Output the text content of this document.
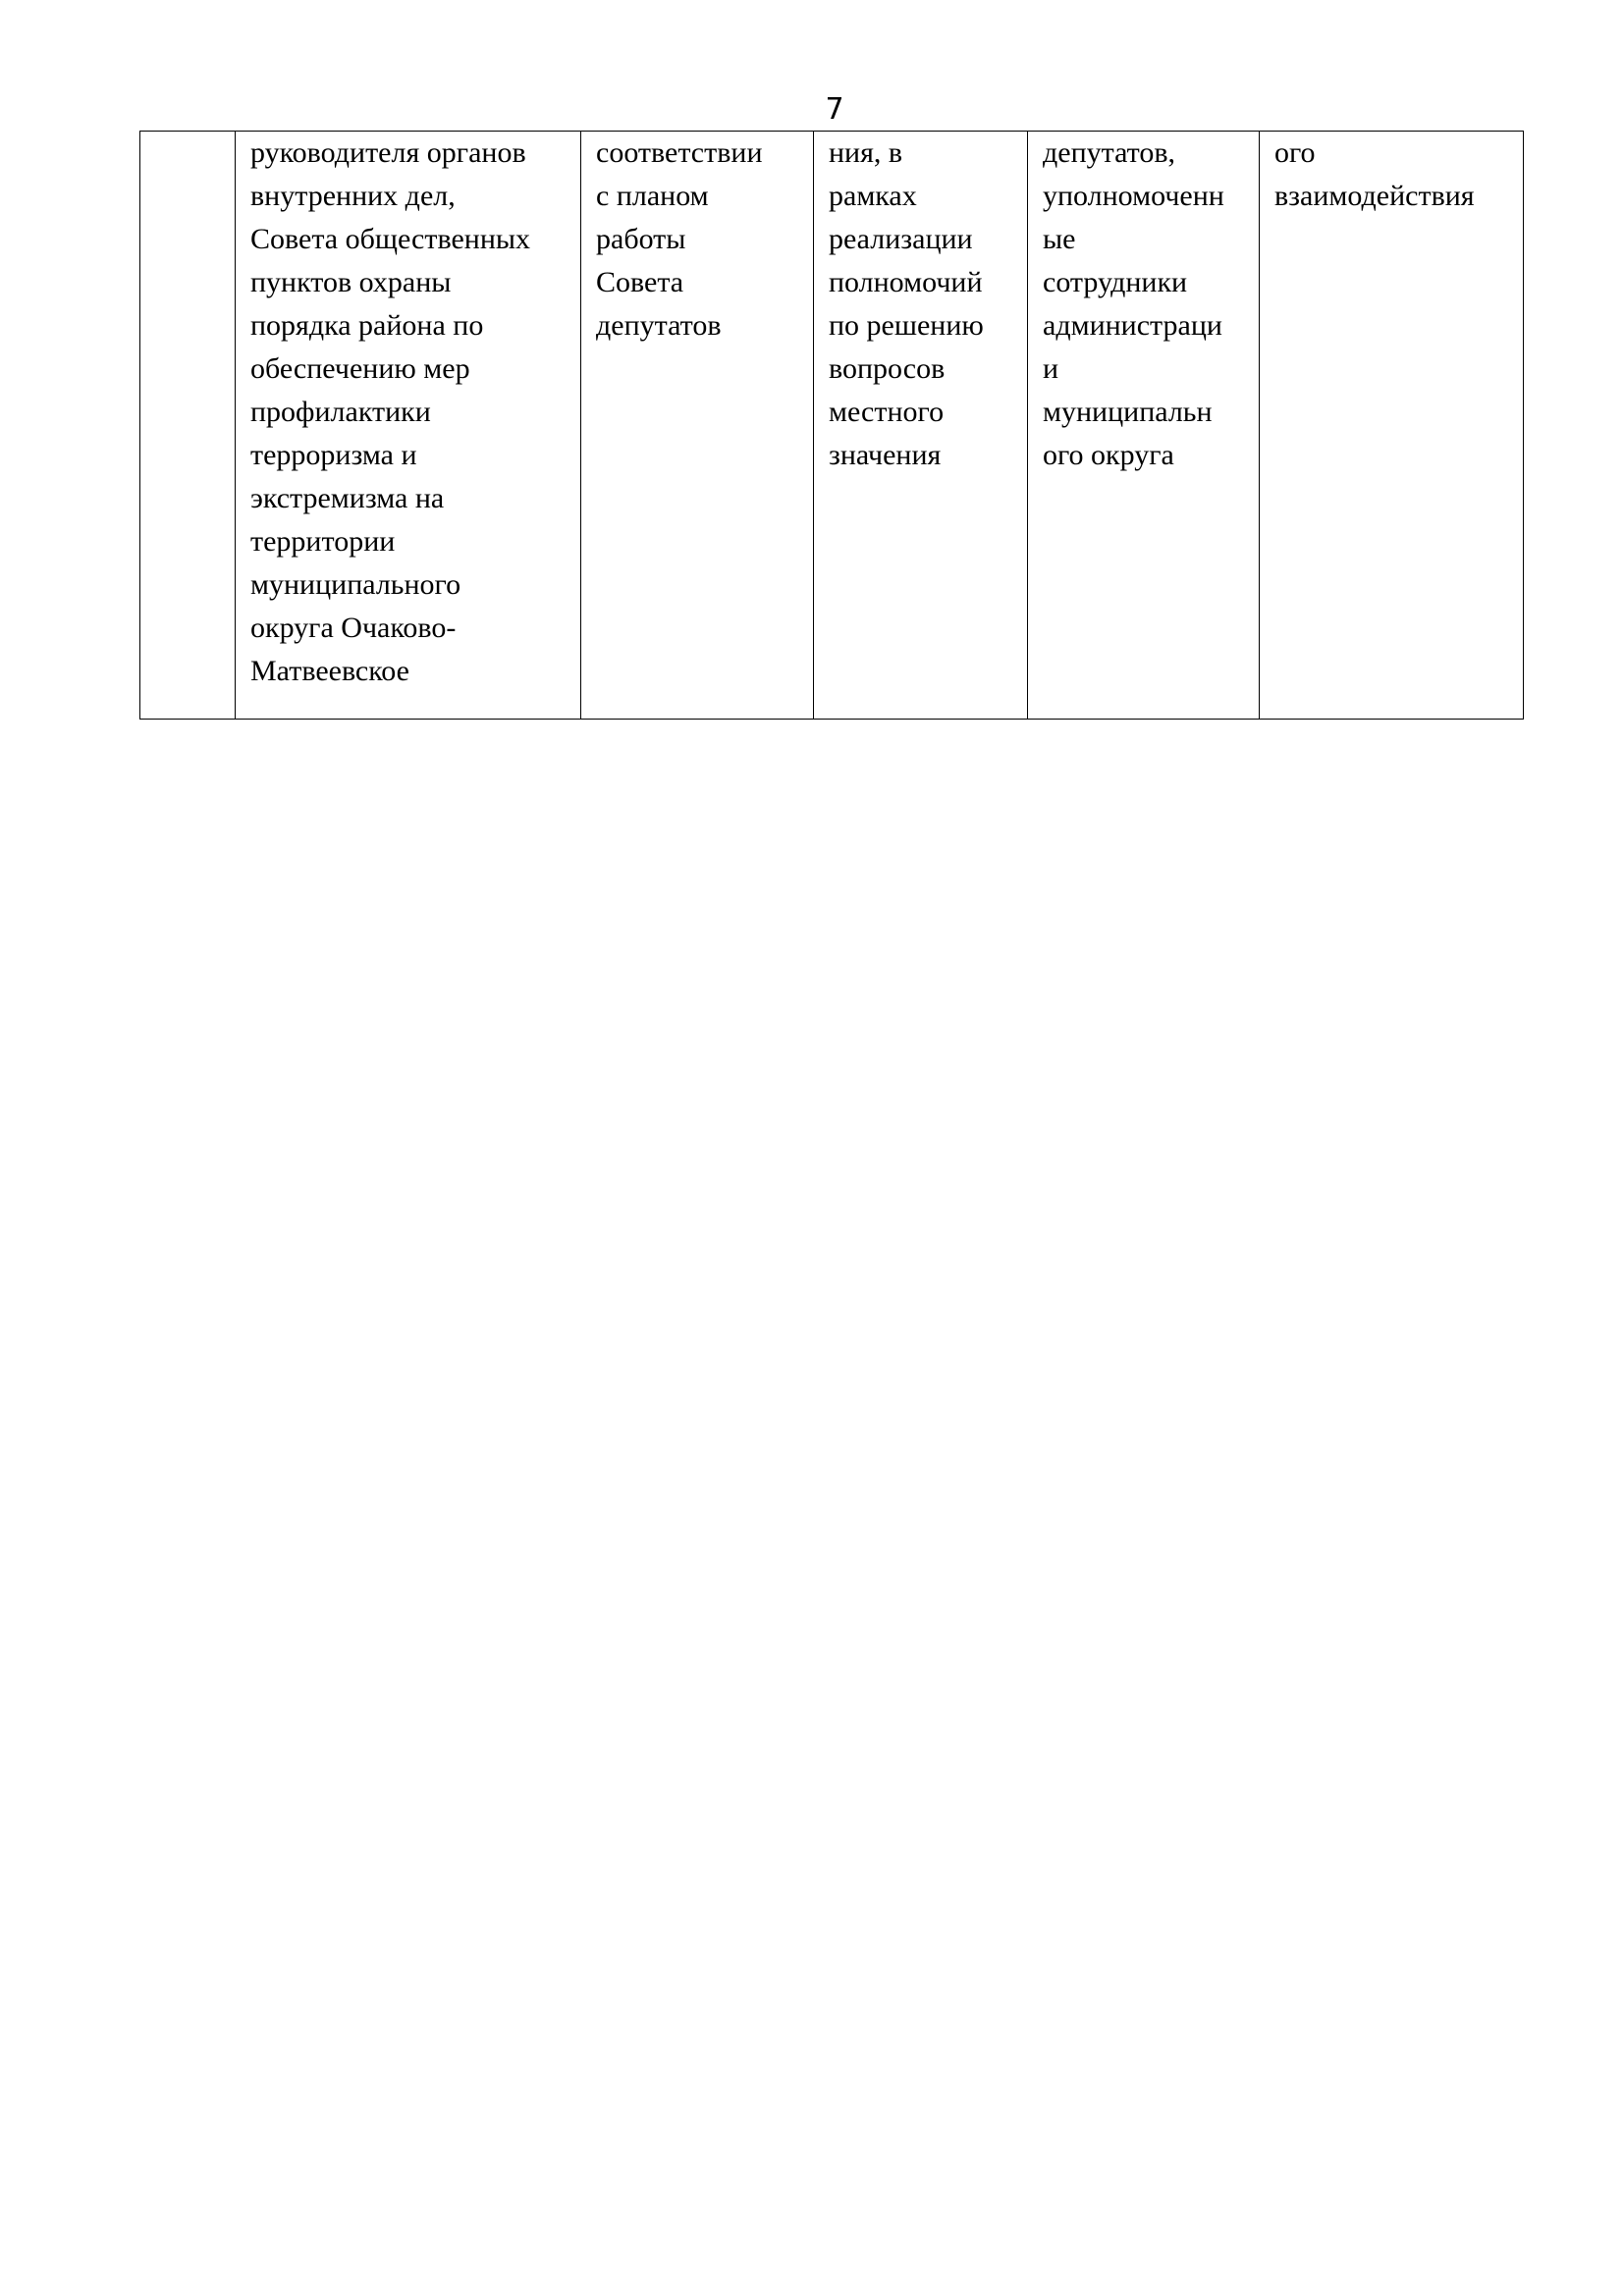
7
	руководителя органов
внутренних дел,
Совета общественных
пунктов охраны
порядка района по
обеспечению мер
профилактики
терроризма и
экстремизма на
территории
муниципального
округа Очаково-
Матвеевское	соответствии
с планом
работы
Совета
депутатов	ния, в
рамках
реализации
полномочий
по решению
вопросов
местного
значения	депутатов,
уполномоченн
ые
сотрудники
администраци
и
муниципальн
ого округа	ого
взаимодействия
